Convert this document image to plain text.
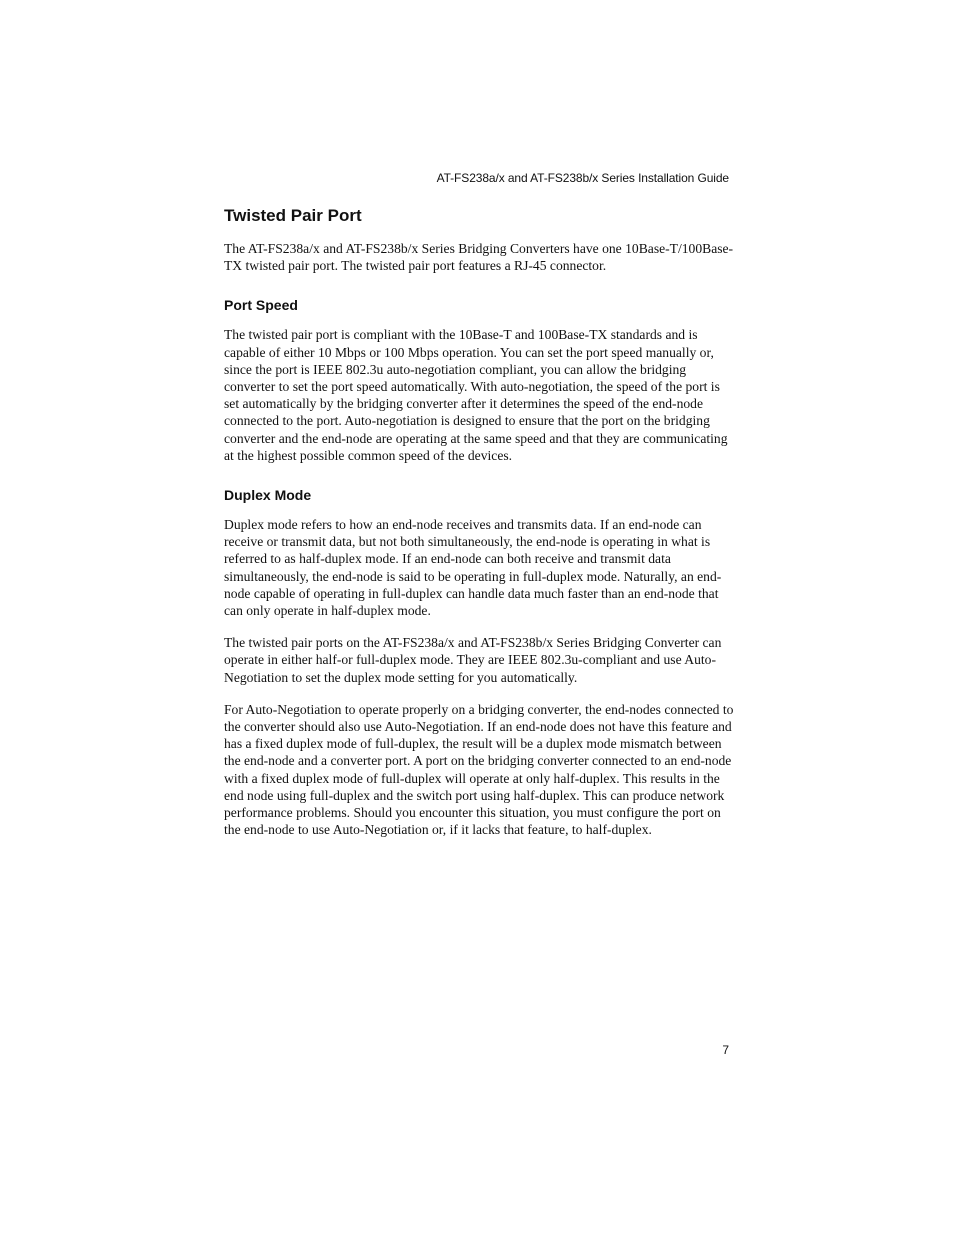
AT-FS238a/x and AT-FS238b/x Series Installation Guide
Twisted Pair Port

The AT-FS238a/x and AT-FS238b/x Series Bridging Converters have one 10Base-T/100Base-TX twisted pair port. The twisted pair port features a RJ-45 connector.

Port Speed

The twisted pair port is compliant with the 10Base-T and 100Base-TX standards and is capable of either 10 Mbps or 100 Mbps operation. You can set the port speed manually or, since the port is IEEE 802.3u auto-negotiation compliant, you can allow the bridging converter to set the port speed automatically. With auto-negotiation, the speed of the port is set automatically by the bridging converter after it determines the speed of the end-node connected to the port. Auto-negotiation is designed to ensure that the port on the bridging converter and the end-node are operating at the same speed and that they are communicating at the highest possible common speed of the devices.

Duplex Mode

Duplex mode refers to how an end-node receives and transmits data. If an end-node can receive or transmit data, but not both simultaneously, the end-node is operating in what is referred to as half-duplex mode. If an end-node can both receive and transmit data simultaneously, the end-node is said to be operating in full-duplex mode. Naturally, an end-node capable of operating in full-duplex can handle data much faster than an end-node that can only operate in half-duplex mode.

The twisted pair ports on the AT-FS238a/x and AT-FS238b/x Series Bridging Converter can operate in either half-or full-duplex mode. They are IEEE 802.3u-compliant and use Auto-Negotiation to set the duplex mode setting for you automatically.

For Auto-Negotiation to operate properly on a bridging converter, the end-nodes connected to the converter should also use Auto-Negotiation. If an end-node does not have this feature and has a fixed duplex mode of full-duplex, the result will be a duplex mode mismatch between the end-node and a converter port. A port on the bridging converter connected to an end-node with a fixed duplex mode of full-duplex will operate at only half-duplex. This results in the end node using full-duplex and the switch port using half-duplex. This can produce network performance problems. Should you encounter this situation, you must configure the port on the end-node to use Auto-Negotiation or, if it lacks that feature, to half-duplex.

7
